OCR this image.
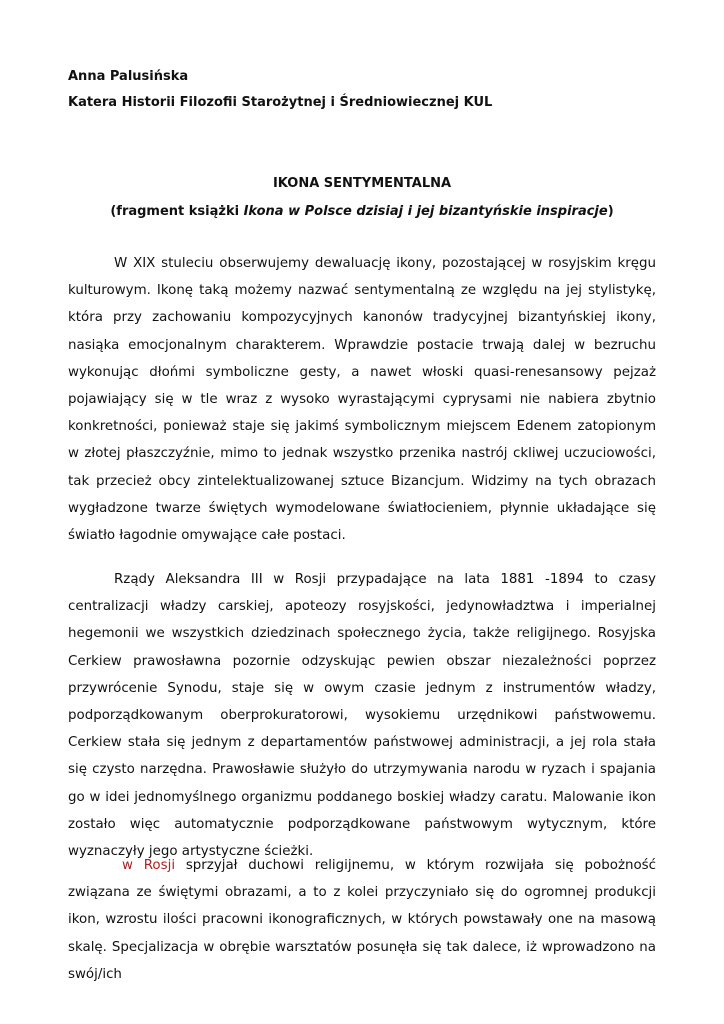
Anna Palusińska

Katera Historii Filozofii Starożytnej i Średniowiecznej KUL

IKONA SENTYMENTALNA

(fragment książki Ikona w Polsce dzisiaj i jej bizantyńskie inspiracje)

W XIX stuleciu obserwujemy dewaluację ikony, pozostającej w rosyjskim kręgu kulturowym. Ikonę taką możemy nazwać sentymentalną ze względu na jej stylistykę, która przy zachowaniu kompozycyjnych kanonów tradycyjnej bizantyńskiej ikony, nasiąka emocjonalnym charakterem. Wprawdzie postacie trwają dalej w bezruchu wykonując dłońmi symboliczne gesty, a nawet włoski quasi-renesansowy pejzaż pojawiający się w tle wraz z wysoko wyrastającymi cyprysami nie nabiera zbytnio konkretności, ponieważ staje się jakimś symbolicznym miejscem Edenem zatopionym w złotej płaszczyźnie, mimo to jednak wszystko przenika nastrój ckliwej uczuciowości, tak przecież obcy zintelektualizowanej sztuce Bizancjum. Widzimy na tych obrazach wygładzone twarze świętych wymodelowane światłocieniem, płynnie układające się światło łagodnie omywające całe postaci.

Rządy Aleksandra III w Rosji przypadające na lata 1881 -1894 to czasy centralizacji władzy carskiej, apoteozy rosyjskości, jedynowładztwa i imperialnej hegemonii we wszystkich dziedzinach społecznego życia, także religijnego. Rosyjska Cerkiew prawosławna pozornie odzyskując pewien obszar niezależności poprzez przywrócenie Synodu, staje się w owym czasie jednym z instrumentów władzy, podporządkowanym oberprokuratorowi, wysokiemu urzędnikowi państwowemu. Cerkiew stała się jednym z departamentów państwowej administracji, a jej rola stała się czysto narzędna. Prawosławie służyło do utrzymywania narodu w ryzach i spajania go w idei jednomyślnego organizmu poddanego boskiej władzy caratu. Malowanie ikon zostało więc automatycznie podporządkowane państwowym wytycznym, które wyznaczyły jego artystyczne ścieżki.

w Rosji sprzyjał duchowi religijnemu, w którym rozwijała się pobożność związana ze świętymi obrazami, a to z kolei przyczyniało się do ogromnej produkcji ikon, wzrostu ilości pracowni ikonograficznych, w których powstawały one na masową skalę. Specjalizacja w obrębie warsztatów posunęła się tak dalece, iż wprowadzono na swój/ich
